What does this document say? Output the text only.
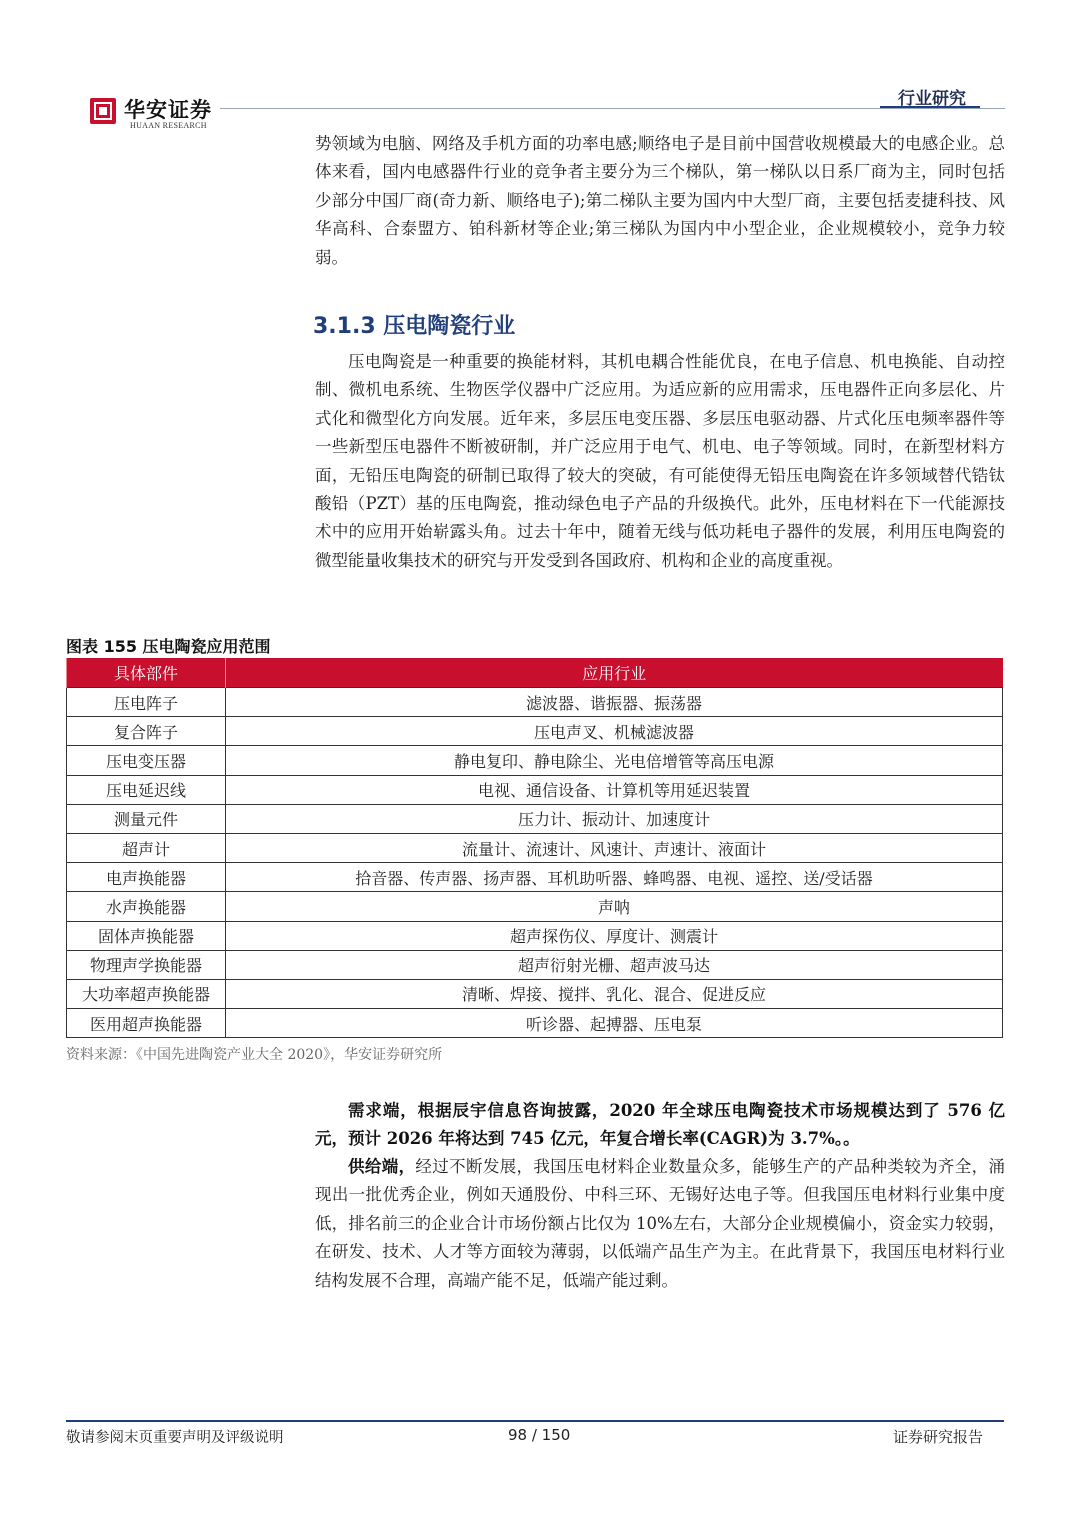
华安证券
HUAAN RESEARCH
行业研究

势领域为电脑、网络及手机方面的功率电感;顺络电子是目前中国营收规模最大的电感企业。总体来看，国内电感器件行业的竞争者主要分为三个梯队，第一梯队以日系厂商为主，同时包括少部分中国厂商(奇力新、顺络电子);第二梯队主要为国内中大型厂商，主要包括麦捷科技、风华高科、合泰盟方、铂科新材等企业;第三梯队为国内中小型企业，企业规模较小，竞争力较弱。

3.1.3 压电陶瓷行业

压电陶瓷是一种重要的换能材料，其机电耦合性能优良，在电子信息、机电换能、自动控制、微机电系统、生物医学仪器中广泛应用。为适应新的应用需求，压电器件正向多层化、片式化和微型化方向发展。近年来，多层压电变压器、多层压电驱动器、片式化压电频率器件等一些新型压电器件不断被研制，并广泛应用于电气、机电、电子等领域。同时，在新型材料方面，无铅压电陶瓷的研制已取得了较大的突破，有可能使得无铅压电陶瓷在许多领域替代锆钛酸铅（PZT）基的压电陶瓷，推动绿色电子产品的升级换代。此外，压电材料在下一代能源技术中的应用开始崭露头角。过去十年中，随着无线与低功耗电子器件的发展，利用压电陶瓷的微型能量收集技术的研究与开发受到各国政府、机构和企业的高度重视。

图表 155 压电陶瓷应用范围
具体部件	应用行业
压电阵子	滤波器、谐振器、振荡器
复合阵子	压电声叉、机械滤波器
压电变压器	静电复印、静电除尘、光电倍增管等高压电源
压电延迟线	电视、通信设备、计算机等用延迟装置
测量元件	压力计、振动计、加速度计
超声计	流量计、流速计、风速计、声速计、液面计
电声换能器	拾音器、传声器、扬声器、耳机助听器、蜂鸣器、电视、遥控、送/受话器
水声换能器	声呐
固体声换能器	超声探伤仪、厚度计、测震计
物理声学换能器	超声衍射光栅、超声波马达
大功率超声换能器	清晰、焊接、搅拌、乳化、混合、促进反应
医用超声换能器	听诊器、起搏器、压电泵
资料来源：《中国先进陶瓷产业大全 2020》，华安证券研究所

需求端，根据辰宇信息咨询披露，2020 年全球压电陶瓷技术市场规模达到了 576 亿元，预计 2026 年将达到 745 亿元，年复合增长率(CAGR)为 3.7%。。

供给端，经过不断发展，我国压电材料企业数量众多，能够生产的产品种类较为齐全，涌现出一批优秀企业，例如天通股份、中科三环、无锡好达电子等。但我国压电材料行业集中度低，排名前三的企业合计市场份额占比仅为 10%左右，大部分企业规模偏小，资金实力较弱，在研发、技术、人才等方面较为薄弱，以低端产品生产为主。在此背景下，我国压电材料行业结构发展不合理，高端产能不足，低端产能过剩。

敬请参阅末页重要声明及评级说明	98 / 150	证券研究报告
